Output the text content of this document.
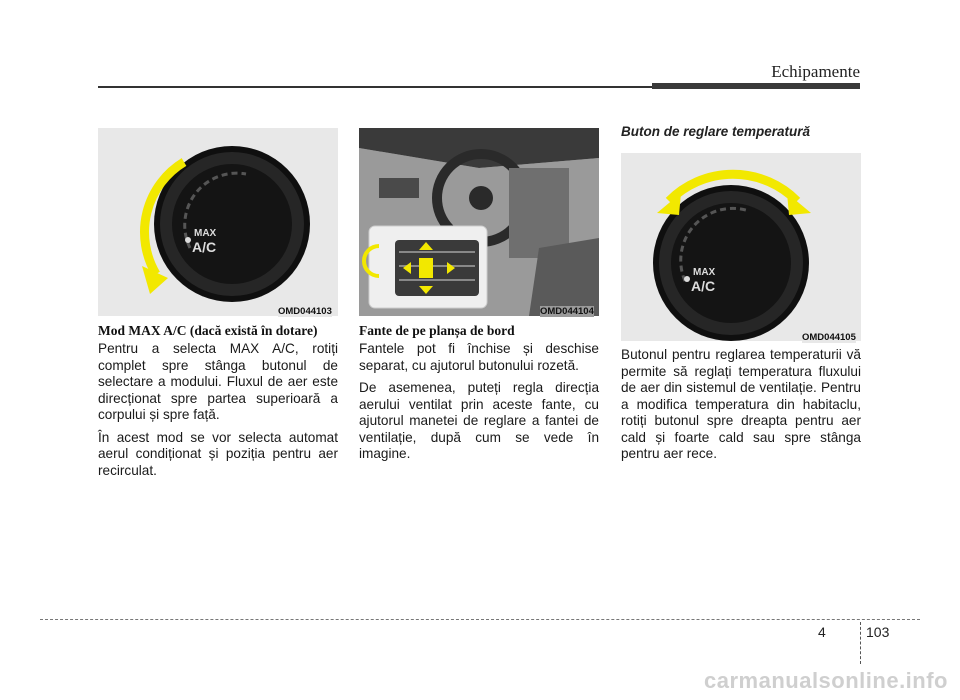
Echipamente
MAX
A/C
OMD044103
Mod MAX A/C (dacă există în dotare)

Pentru a selecta MAX A/C, rotiți complet spre stânga butonul de selectare a modului. Fluxul de aer este direcționat spre partea superioară a corpului și spre față.

În acest mod se vor selecta automat aerul condiționat și poziția pentru aer recirculat.

OMD044104
Fante de pe planșa de bord

Fantele pot fi închise și deschise separat, cu ajutorul butonului rozetă.

De asemenea, puteți regla direcția aerului ventilat prin aceste fante, cu ajutorul manetei de reglare a fantei de ventilație, după cum se vede în imagine.

Buton de reglare temperatură
MAX
A/C
OMD044105

Butonul pentru reglarea temperaturii vă permite să reglați temperatura fluxului de aer din sistemul de ventilație. Pentru a modifica temperatura din habitaclu, rotiți butonul spre dreapta pentru aer cald și foarte cald sau spre stânga pentru aer rece.

4	103
carmanualsonline.info
